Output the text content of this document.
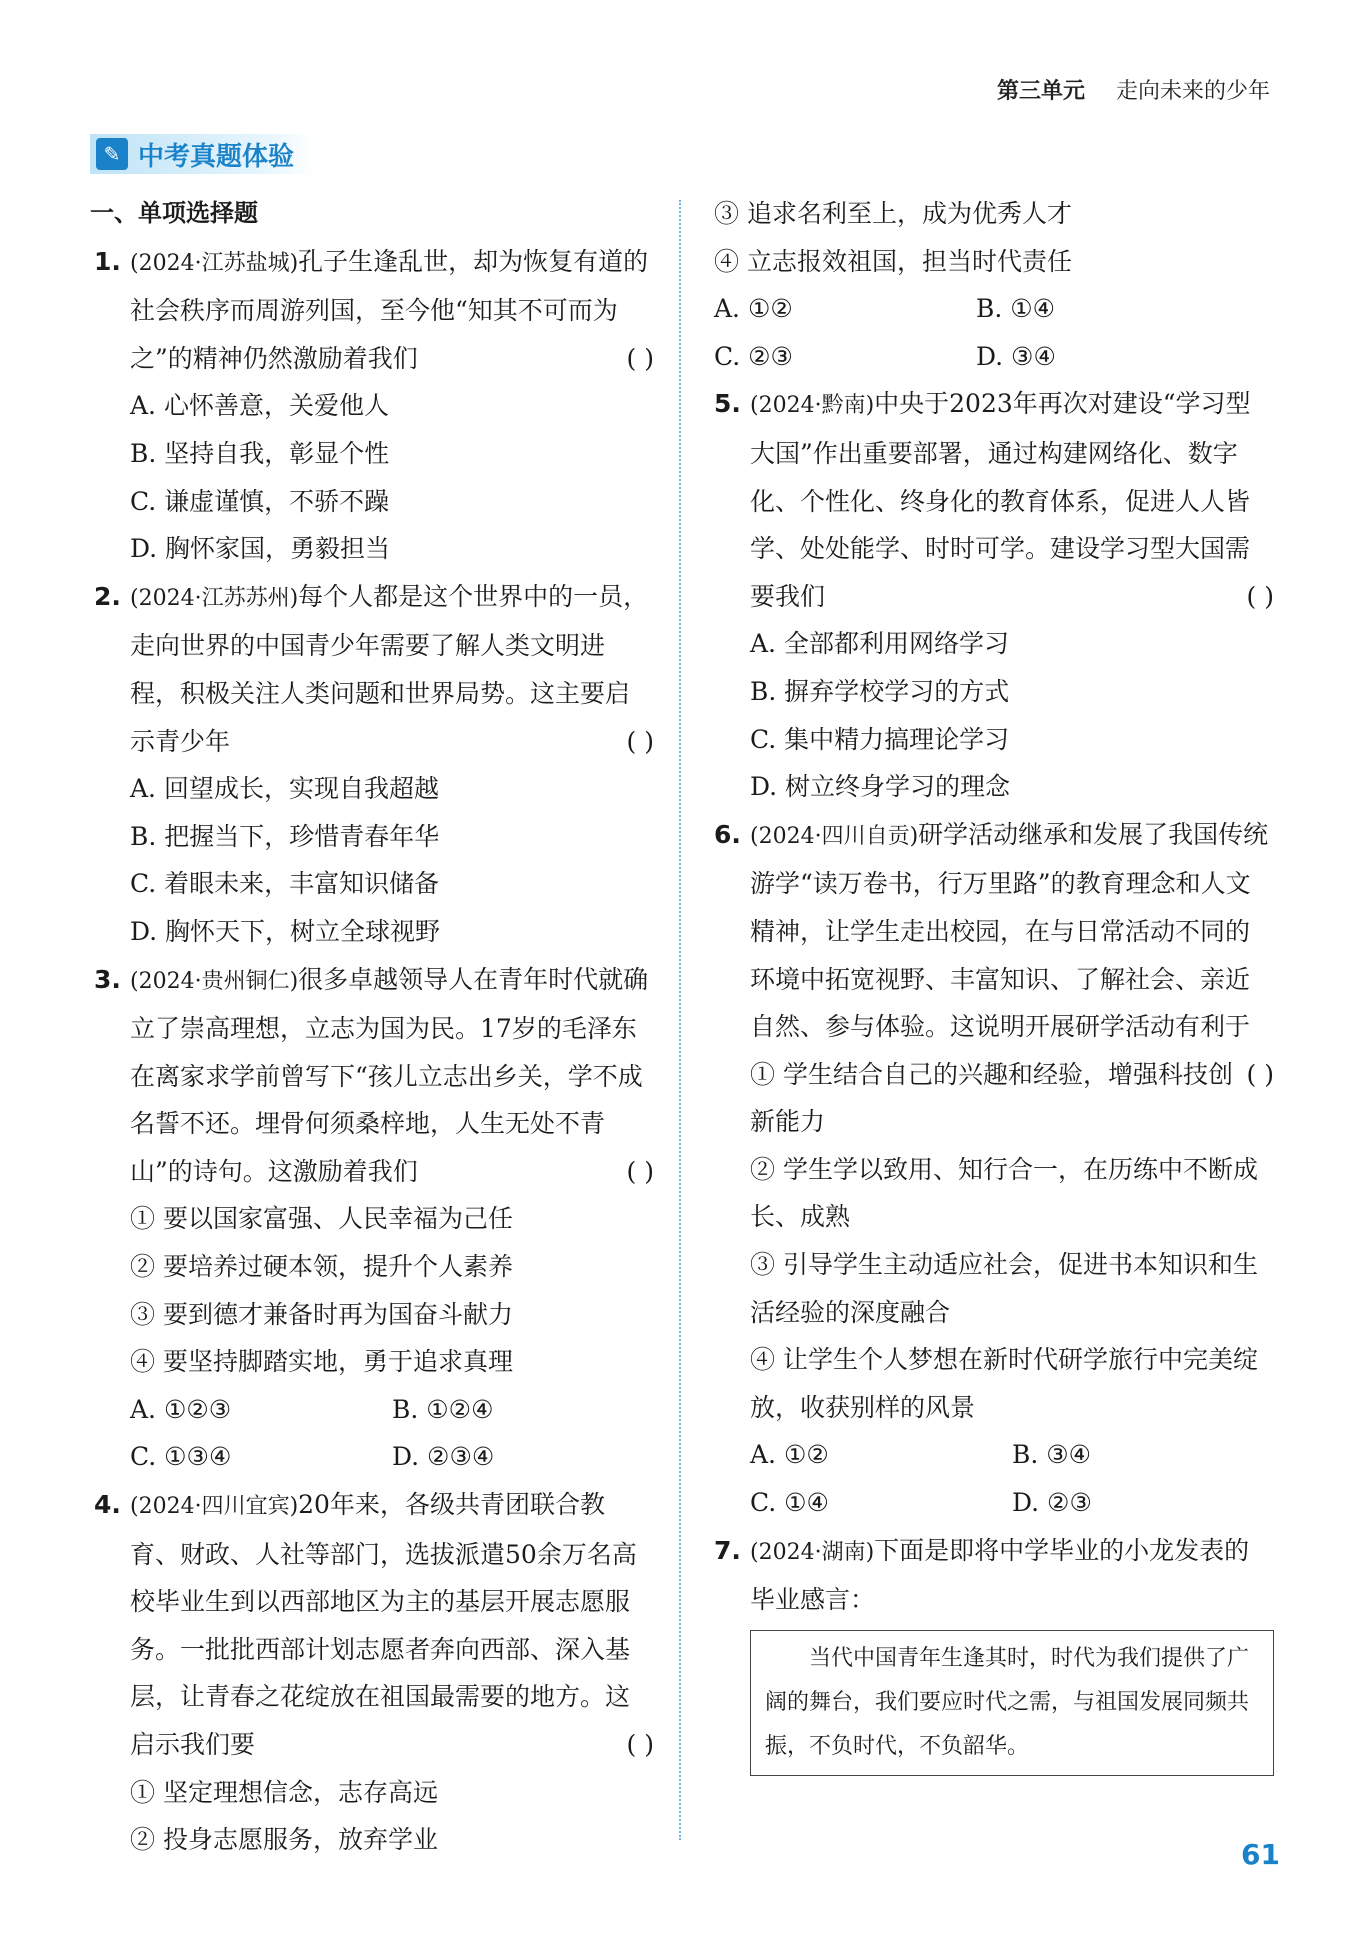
第三单元 走向未来的少年
✎ 中考真题体验
一、单项选择题
1. (2024·江苏盐城)孔子生逢乱世，却为恢复有道的社会秩序而周游列国，至今他“知其不可而为之”的精神仍然激励着我们	( )
A. 心怀善意，关爱他人
B. 坚持自我，彰显个性
C. 谦虚谨慎，不骄不躁
D. 胸怀家国，勇毅担当
2. (2024·江苏苏州)每个人都是这个世界中的一员，走向世界的中国青少年需要了解人类文明进程，积极关注人类问题和世界局势。这主要启示青少年	( )
A. 回望成长，实现自我超越
B. 把握当下，珍惜青春年华
C. 着眼未来，丰富知识储备
D. 胸怀天下，树立全球视野
3. (2024·贵州铜仁)很多卓越领导人在青年时代就确立了崇高理想，立志为国为民。17岁的毛泽东在离家求学前曾写下“孩儿立志出乡关，学不成名誓不还。埋骨何须桑梓地，人生无处不青山”的诗句。这激励着我们	( )
① 要以国家富强、人民幸福为己任
② 要培养过硬本领，提升个人素养
③ 要到德才兼备时再为国奋斗献力
④ 要坚持脚踏实地，勇于追求真理
A. ①②③	B. ①②④
C. ①③④	D. ②③④
4. (2024·四川宜宾)20年来，各级共青团联合教育、财政、人社等部门，选拔派遣50余万名高校毕业生到以西部地区为主的基层开展志愿服务。一批批西部计划志愿者奔向西部、深入基层，让青春之花绽放在祖国最需要的地方。这启示我们要	( )
① 坚定理想信念，志存高远
② 投身志愿服务，放弃学业
③ 追求名利至上，成为优秀人才
④ 立志报效祖国，担当时代责任
A. ①②	B. ①④
C. ②③	D. ③④
5. (2024·黔南)中央于2023年再次对建设“学习型大国”作出重要部署，通过构建网络化、数字化、个性化、终身化的教育体系，促进人人皆学、处处能学、时时可学。建设学习型大国需要我们	( )
A. 全部都利用网络学习
B. 摒弃学校学习的方式
C. 集中精力搞理论学习
D. 树立终身学习的理念
6. (2024·四川自贡)研学活动继承和发展了我国传统游学“读万卷书，行万里路”的教育理念和人文精神，让学生走出校园，在与日常活动不同的环境中拓宽视野、丰富知识、了解社会、亲近自然、参与体验。这说明开展研学活动有利于
( )
① 学生结合自己的兴趣和经验，增强科技创新能力
② 学生学以致用、知行合一，在历练中不断成长、成熟
③ 引导学生主动适应社会，促进书本知识和生活经验的深度融合
④ 让学生个人梦想在新时代研学旅行中完美绽放，收获别样的风景
A. ①②	B. ③④
C. ①④	D. ②③
7. (2024·湖南)下面是即将中学毕业的小龙发表的毕业感言：
当代中国青年生逢其时，时代为我们提供了广阔的舞台，我们要应时代之需，与祖国发展同频共振，不负时代，不负韶华。
61
